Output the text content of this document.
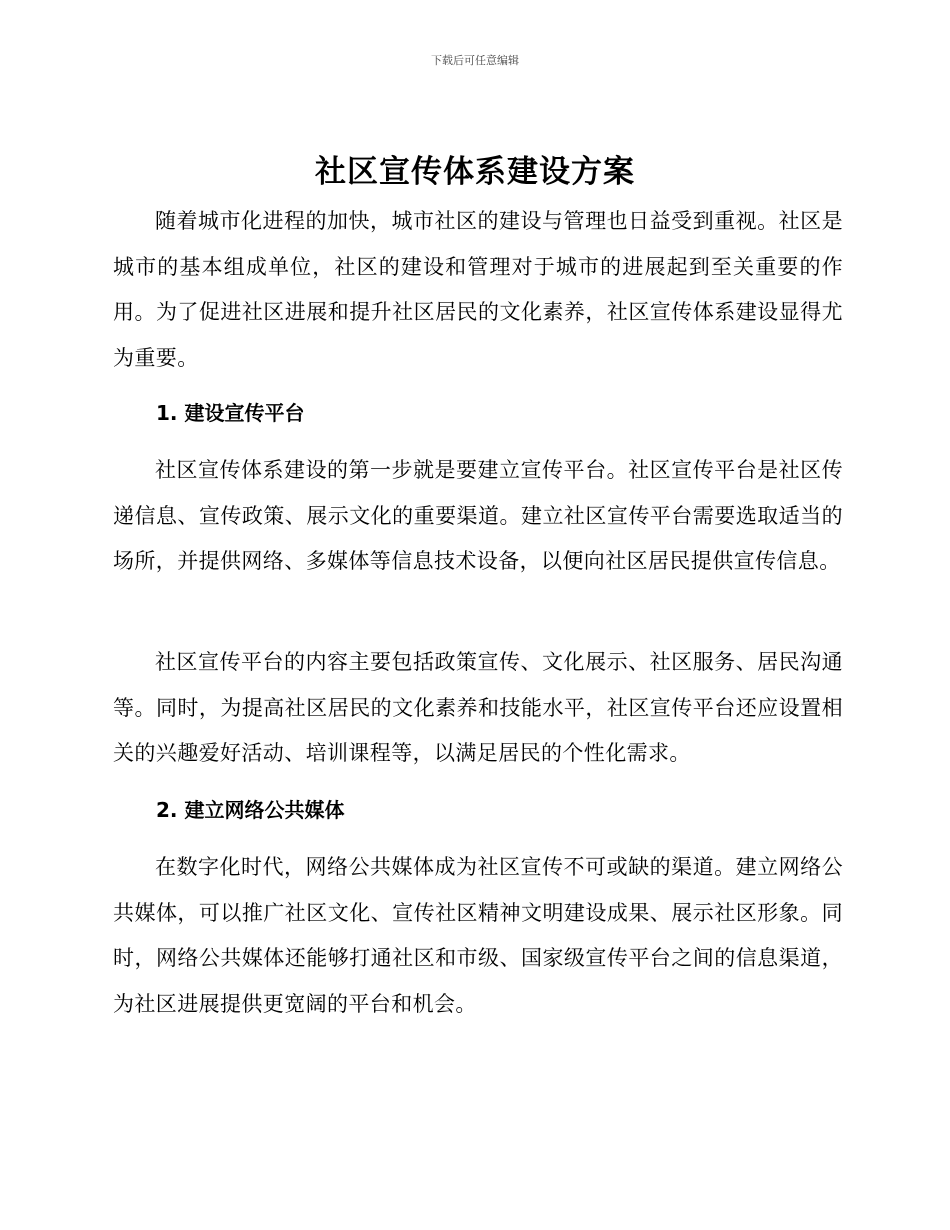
下载后可任意编辑
社区宣传体系建设方案

随着城市化进程的加快，城市社区的建设与管理也日益受到重视。社区是城市的基本组成单位，社区的建设和管理对于城市的进展起到至关重要的作用。为了促进社区进展和提升社区居民的文化素养，社区宣传体系建设显得尤为重要。

1. 建设宣传平台

社区宣传体系建设的第一步就是要建立宣传平台。社区宣传平台是社区传递信息、宣传政策、展示文化的重要渠道。建立社区宣传平台需要选取适当的场所，并提供网络、多媒体等信息技术设备，以便向社区居民提供宣传信息。

社区宣传平台的内容主要包括政策宣传、文化展示、社区服务、居民沟通等。同时，为提高社区居民的文化素养和技能水平，社区宣传平台还应设置相关的兴趣爱好活动、培训课程等，以满足居民的个性化需求。

2. 建立网络公共媒体

在数字化时代，网络公共媒体成为社区宣传不可或缺的渠道。建立网络公共媒体，可以推广社区文化、宣传社区精神文明建设成果、展示社区形象。同时，网络公共媒体还能够打通社区和市级、国家级宣传平台之间的信息渠道，为社区进展提供更宽阔的平台和机会。
